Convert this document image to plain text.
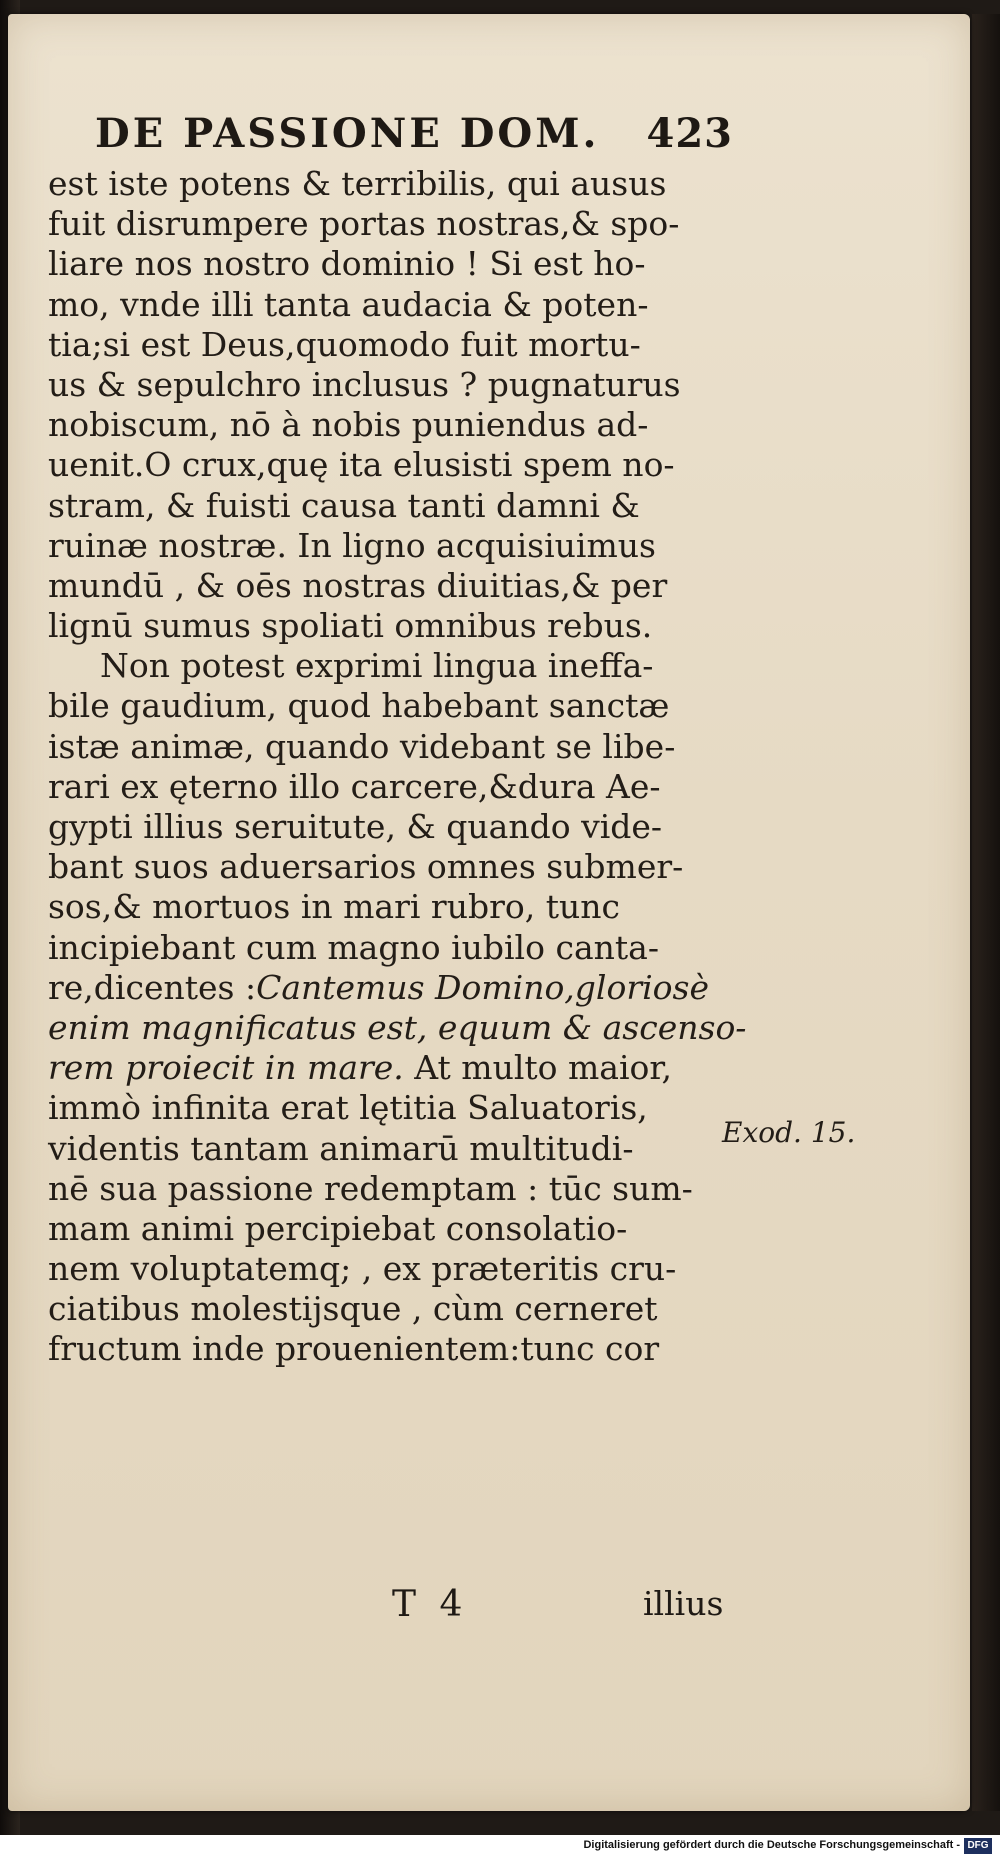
DE PASSIONE DOM. 423
est iste potens & terribilis, qui ausus
fuit disrumpere portas nostras,& spo-
liare nos nostro dominio ! Si est ho-
mo, vnde illi tanta audacia & poten-
tia;si est Deus,quomodo fuit mortu-
us & sepulchro inclusus ? pugnaturus
nobiscum, nō à nobis puniendus ad-
uenit.O crux,quę ita elusisti spem no-
stram, & fuisti causa tanti damni &
ruinæ nostræ. In ligno acquisiuimus
mundū , & oēs nostras diuitias,& per
lignū sumus spoliati omnibus rebus.
Non potest exprimi lingua ineffa-
bile gaudium, quod habebant sanctæ
istæ animæ, quando videbant se libe-
rari ex ęterno illo carcere,&dura Ae-
gypti illius seruitute, & quando vide-
bant suos aduersarios omnes submer-
sos,& mortuos in mari rubro, tunc
incipiebant cum magno iubilo canta-
re,dicentes :Cantemus Domino,gloriosè
enim magnificatus est, equum & ascenso-
rem proiecit in mare. At multo maior,
immò infinita erat lętitia Saluatoris,
videntis tantam animarū multitudi-
nē sua passione redemptam : tūc sum-
mam animi percipiebat consolatio-
nem voluptatemq; , ex præteritis cru-
ciatibus molestijsque , cùm cerneret
fructum inde prouenientem:tunc cor
Exod. 15.
T 4	illius
Digitalisierung gefördert durch die Deutsche Forschungsgemeinschaft - DFG
